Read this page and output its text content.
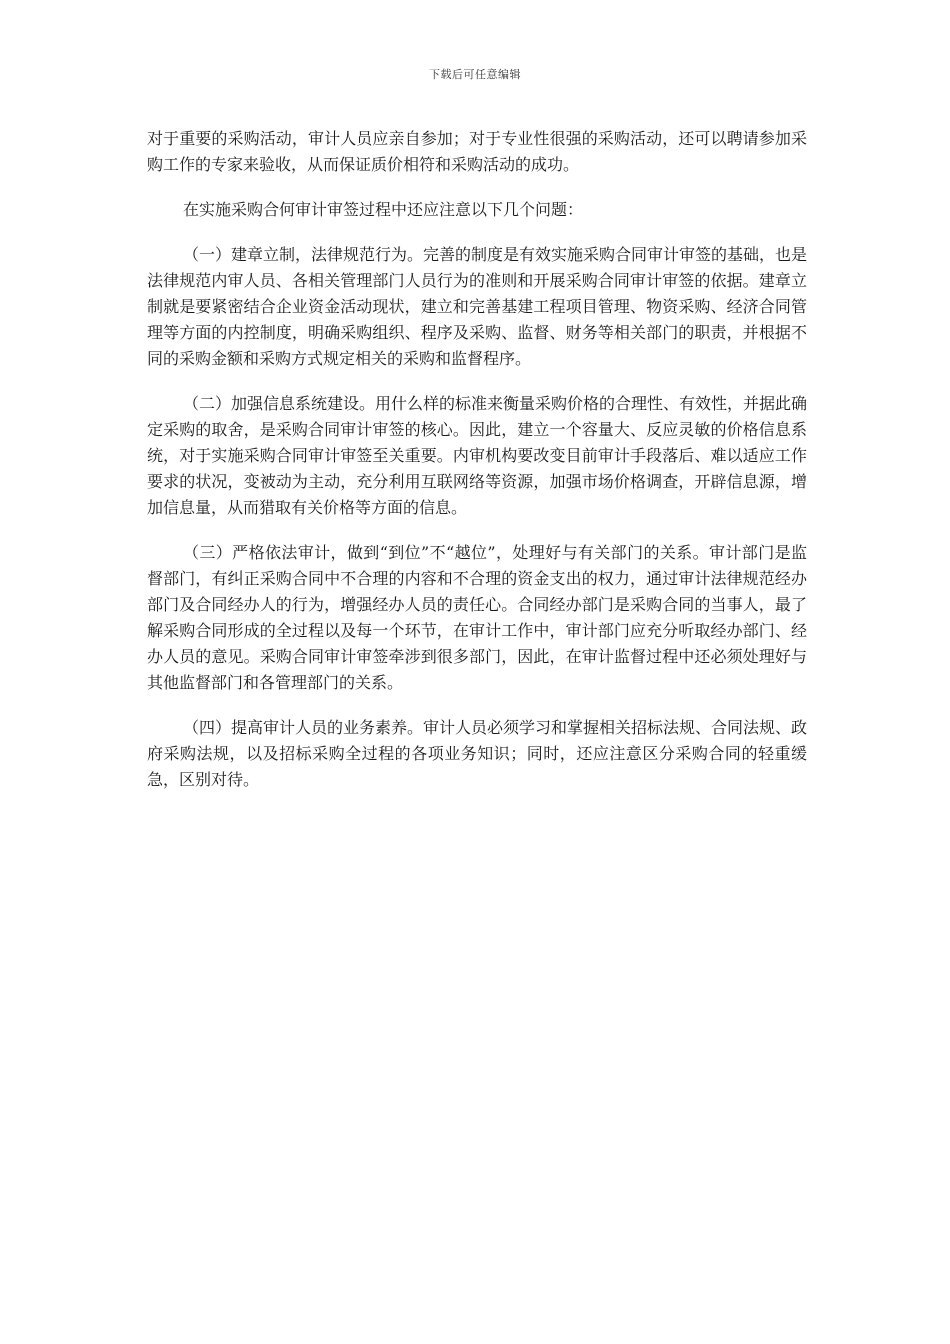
下载后可任意编辑

对于重要的采购活动，审计人员应亲自参加；对于专业性很强的采购活动，还可以聘请参加采购工作的专家来验收，从而保证质价相符和采购活动的成功。

在实施采购合何审计审签过程中还应注意以下几个问题：

（一）建章立制，法律规范行为。完善的制度是有效实施采购合同审计审签的基础，也是法律规范内审人员、各相关管理部门人员行为的准则和开展采购合同审计审签的依据。建章立制就是要紧密结合企业资金活动现状，建立和完善基建工程项目管理、物资采购、经济合同管理等方面的内控制度，明确采购组织、程序及采购、监督、财务等相关部门的职责，并根据不同的采购金额和采购方式规定相关的采购和监督程序。

（二）加强信息系统建设。用什么样的标准来衡量采购价格的合理性、有效性，并据此确定采购的取舍，是采购合同审计审签的核心。因此，建立一个容量大、反应灵敏的价格信息系统，对于实施采购合同审计审签至关重要。内审机构要改变目前审计手段落后、难以适应工作要求的状况，变被动为主动，充分利用互联网络等资源，加强市场价格调查，开辟信息源，增加信息量，从而猎取有关价格等方面的信息。

（三）严格依法审计，做到“到位”不“越位”，处理好与有关部门的关系。审计部门是监督部门，有纠正采购合同中不合理的内容和不合理的资金支出的权力，通过审计法律规范经办部门及合同经办人的行为，增强经办人员的责任心。合同经办部门是采购合同的当事人，最了解采购合同形成的全过程以及每一个环节，在审计工作中，审计部门应充分听取经办部门、经办人员的意见。采购合同审计审签牵涉到很多部门，因此，在审计监督过程中还必须处理好与其他监督部门和各管理部门的关系。

（四）提高审计人员的业务素养。审计人员必须学习和掌握相关招标法规、合同法规、政府采购法规，以及招标采购全过程的各项业务知识；同时，还应注意区分采购合同的轻重缓急，区别对待。
